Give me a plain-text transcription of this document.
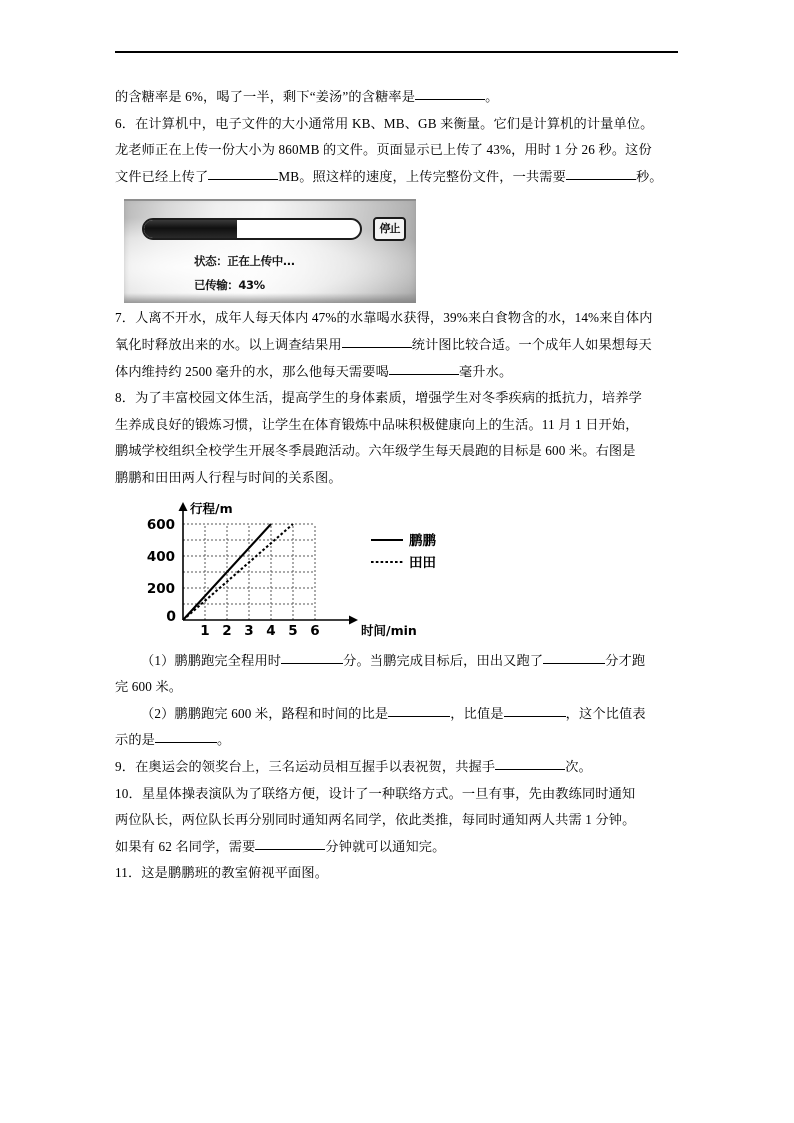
的含糖率是 6%，喝了一半，剩下“姜汤”的含糖率是	。
6．在计算机中，电子文件的大小通常用 KB、MB、GB 来衡量。它们是计算机的计量单位。
龙老师正在上传一份大小为 860MB 的文件。页面显示已上传了 43%，用时 1 分 26 秒。这份
文件已经上传了	MB。照这样的速度，上传完整份文件，一共需要	秒。
停止
状态：正在上传中...
已传输：43%
7．人离不开水，成年人每天体内 47%的水靠喝水获得，39%来白食物含的水，14%来自体内
氧化时释放出来的水。以上调查结果用	统计图比较合适。一个成年人如果想每天
体内维持约 2500 毫升的水，那么他每天需要喝	毫升水。
8．为了丰富校园文体生活，提高学生的身体素质，增强学生对冬季疾病的抵抗力，培养学
生养成良好的锻炼习惯，让学生在体育锻炼中品味积极健康向上的生活。11 月 1 日开始，
鹏城学校组织全校学生开展冬季晨跑活动。六年级学生每天晨跑的目标是 600 米。右图是
鹏鹏和田田两人行程与时间的关系图。
0
200
400
600
1 2 3 4 5 6
行程/m
时间/min
鹏鹏
田田
（1）鹏鹏跑完全程用时	分。当鹏完成目标后，田出又跑了	分才跑
完 600 米。
（2）鹏鹏跑完 600 米，路程和时间的比是	，比值是	，这个比值表
示的是	。
9．在奥运会的领奖台上，三名运动员相互握手以表祝贺，共握手	次。
10．星星体操表演队为了联络方便，设计了一种联络方式。一旦有事，先由教练同时通知
两位队长，两位队长再分别同时通知两名同学，依此类推，每同时通知两人共需 1 分钟。
如果有 62 名同学，需要	分钟就可以通知完。
11．这是鹏鹏班的教室俯视平面图。
